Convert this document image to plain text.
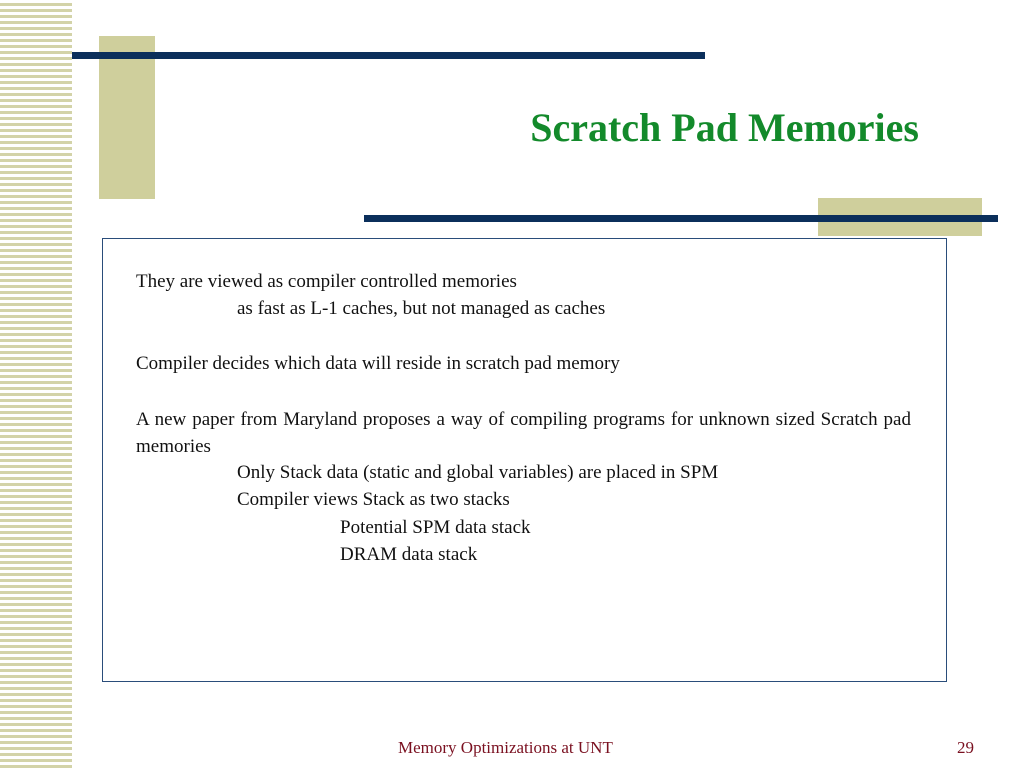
Scratch Pad Memories
They are viewed as compiler controlled memories
as fast as L-1 caches, but not managed as caches
Compiler decides which data will reside in scratch pad memory
A new paper from Maryland proposes a way of compiling programs for unknown sized Scratch pad memories
Only Stack data (static and global variables) are placed in SPM
Compiler views Stack as two stacks
Potential SPM data stack
DRAM data stack
Memory Optimizations at UNT	29
